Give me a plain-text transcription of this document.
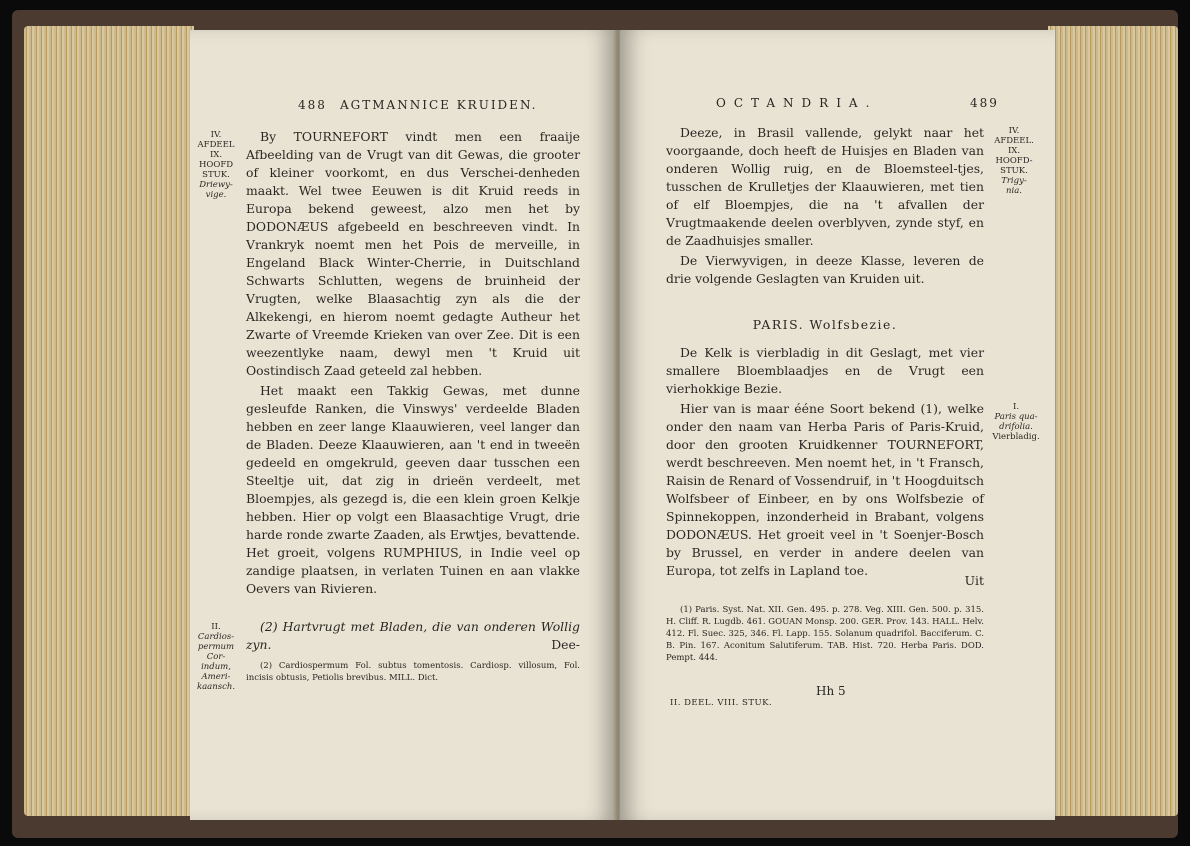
488 AGTMANNICE KRUIDEN.
IV.
AFDEEL
IX.
HOOFD
STUK.
Driewy-
vige.

By TOURNEFORT vindt men een fraaije Afbeelding van de Vrugt van dit Gewas, die grooter of kleiner voorkomt, en dus Verschei-denheden maakt. Wel twee Eeuwen is dit Kruid reeds in Europa bekend geweest, alzo men het by DODONÆUS afgebeeld en beschreeven vindt. In Vrankryk noemt men het Pois de merveille, in Engeland Black Winter-Cherrie, in Duitschland Schwarts Schlutten, wegens de bruinheid der Vrugten, welke Blaasachtig zyn als die der Alkekengi, en hierom noemt gedagte Autheur het Zwarte of Vreemde Krieken van over Zee. Dit is een weezentlyke naam, dewyl men 't Kruid uit Oostindisch Zaad geteeld zal hebben.

Het maakt een Takkig Gewas, met dunne gesleufde Ranken, die Vinswys' verdeelde Bladen hebben en zeer lange Klaauwieren, veel langer dan de Bladen. Deeze Klaauwieren, aan 't end in tweeën gedeeld en omgekruld, geeven daar tusschen een Steeltje uit, dat zig in drieën verdeelt, met Bloempjes, als gezegd is, die een klein groen Kelkje hebben. Hier op volgt een Blaasachtige Vrugt, drie harde ronde zwarte Zaaden, als Erwtjes, bevattende. Het groeit, volgens RUMPHIUS, in Indie veel op zandige plaatsen, in verlaten Tuinen en aan vlakke Oevers van Rivieren.

II.
Cardios-
permum
Cor-indum,
Ameri-
kaansch.

(2) Hartvrugt met Bladen, die van onderen Wollig zyn.	Dee-

(2) Cardiospermum Fol. subtus tomentosis. Cardiosp. villosum, Fol. incisis obtusis, Petiolis brevibus. MILL. Dict.

OCTANDRIA.	489

Deeze, in Brasil vallende, gelykt naar het voorgaande, doch heeft de Huisjes en Bladen van onderen Wollig ruig, en de Bloemsteel-tjes, tusschen de Krulletjes der Klaauwieren, met tien of elf Bloempjes, die na 't afvallen der Vrugtmaakende deelen overblyven, zynde styf, en de Zaadhuisjes smaller.

De Vierwyvigen, in deeze Klasse, leveren de drie volgende Geslagten van Kruiden uit.

IV.
AFDEEL.
IX.
HOOFD-
STUK.
Trigy-
nia.
PARIS. Wolfsbezie.

De Kelk is vierbladig in dit Geslagt, met vier smallere Bloemblaadjes en de Vrugt een vierhokkige Bezie.

Hier van is maar ééne Soort bekend (1), welke onder den naam van Herba Paris of Paris-Kruid, door den grooten Kruidkenner TOURNEFORT, werdt beschreeven. Men noemt het, in 't Fransch, Raisin de Renard of Vossendruif, in 't Hoogduitsch Wolfsbeer of Einbeer, en by ons Wolfsbezie of Spinnekoppen, inzonderheid in Brabant, volgens DODONÆUS. Het groeit veel in 't Soenjer-Bosch by Brussel, en verder in andere deelen van Europa, tot zelfs in Lapland toe.

I.
Paris qua-
drifolia.
Vierbladig.
Uit

(1) Paris. Syst. Nat. XII. Gen. 495. p. 278. Veg. XIII. Gen. 500. p. 315. H. Cliff. R. Lugdb. 461. GOUAN Monsp. 200. GER. Prov. 143. HALL. Helv. 412. Fl. Suec. 325, 346. Fl. Lapp. 155. Solanum quadrifol. Bacciferum. C. B. Pin. 167. Aconitum Salutiferum. TAB. Hist. 720. Herba Paris. DOD. Pempt. 444.

Hh 5
II. DEEL. VIII. STUK.
